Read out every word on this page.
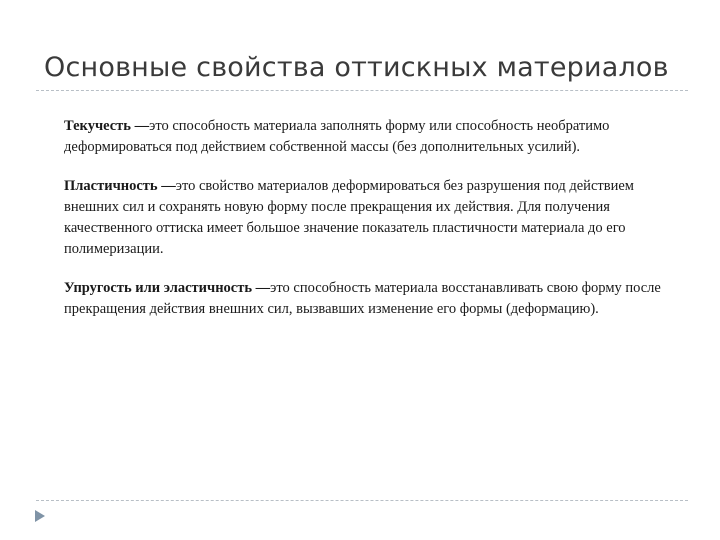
Основные свойства оттискных материалов

Текучесть —это способность материала заполнять форму или способность необратимо деформироваться под действием собственной массы (без дополнительных усилий).

Пластичность —это свойство материалов деформироваться без разрушения под действием внешних сил и сохранять новую форму после прекращения их действия. Для получения качественного оттиска имеет большое значение показатель пластичности материала до его полимеризации.

Упругость или эластичность —это способность материала восстанавливать свою форму после прекращения действия внешних сил, вызвавших изменение его формы (деформацию).
